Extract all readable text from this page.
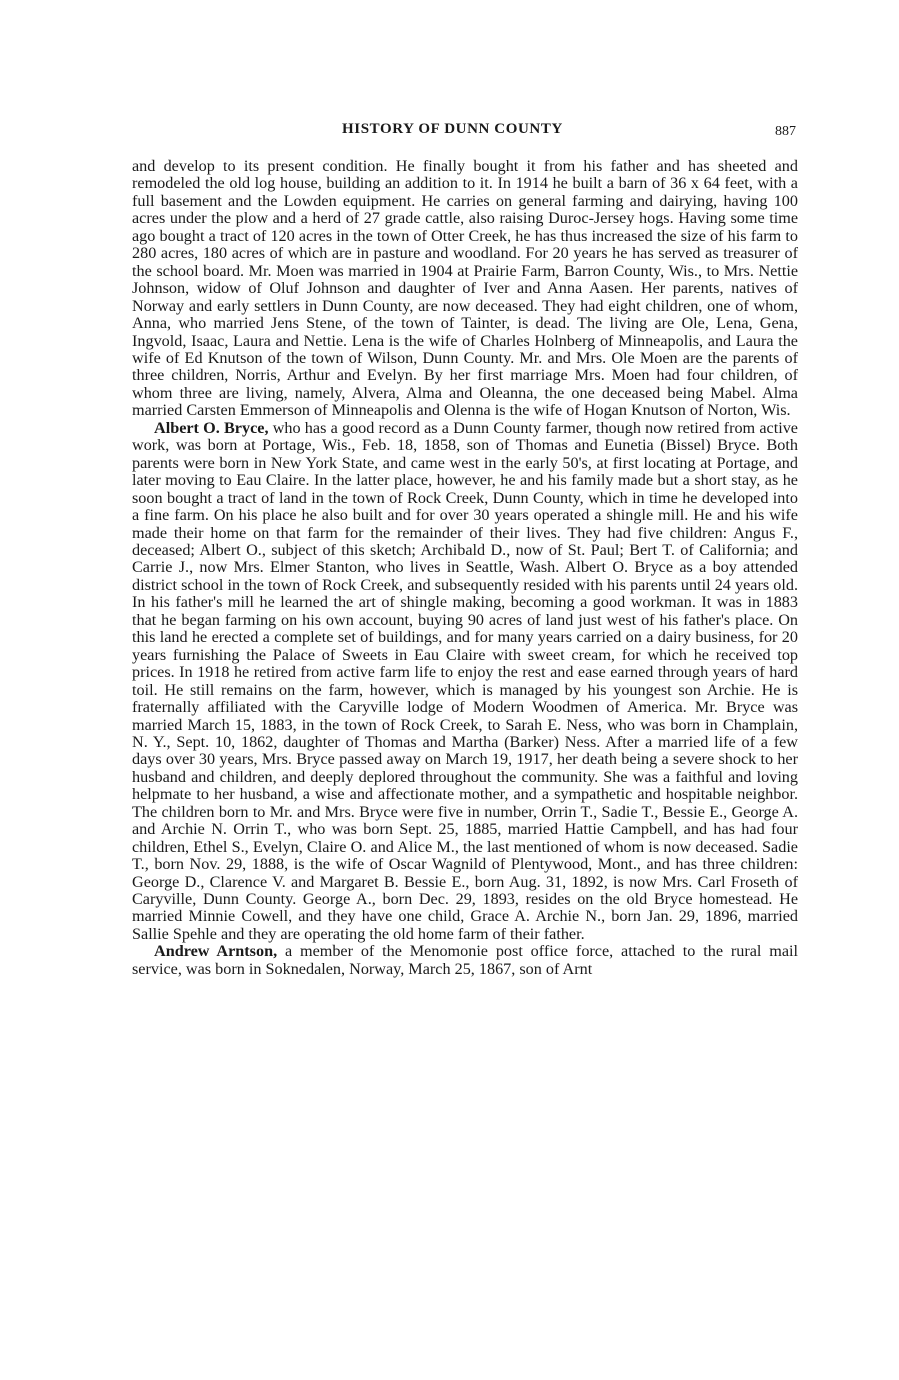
HISTORY OF DUNN COUNTY	887

and develop to its present condition. He finally bought it from his father and has sheeted and remodeled the old log house, building an addition to it. In 1914 he built a barn of 36 x 64 feet, with a full basement and the Lowden equipment. He carries on general farming and dairying, having 100 acres under the plow and a herd of 27 grade cattle, also raising Duroc-Jersey hogs. Having some time ago bought a tract of 120 acres in the town of Otter Creek, he has thus increased the size of his farm to 280 acres, 180 acres of which are in pasture and woodland. For 20 years he has served as treasurer of the school board. Mr. Moen was married in 1904 at Prairie Farm, Barron County, Wis., to Mrs. Nettie Johnson, widow of Oluf Johnson and daughter of Iver and Anna Aasen. Her parents, natives of Norway and early settlers in Dunn County, are now deceased. They had eight children, one of whom, Anna, who married Jens Stene, of the town of Tainter, is dead. The living are Ole, Lena, Gena, Ingvold, Isaac, Laura and Nettie. Lena is the wife of Charles Holnberg of Minneapolis, and Laura the wife of Ed Knutson of the town of Wilson, Dunn County. Mr. and Mrs. Ole Moen are the parents of three children, Norris, Arthur and Evelyn. By her first marriage Mrs. Moen had four children, of whom three are living, namely, Alvera, Alma and Oleanna, the one deceased being Mabel. Alma married Carsten Emmerson of Minneapolis and Olenna is the wife of Hogan Knutson of Norton, Wis.

Albert O. Bryce, who has a good record as a Dunn County farmer, though now retired from active work, was born at Portage, Wis., Feb. 18, 1858, son of Thomas and Eunetia (Bissel) Bryce. Both parents were born in New York State, and came west in the early 50's, at first locating at Portage, and later moving to Eau Claire. In the latter place, however, he and his family made but a short stay, as he soon bought a tract of land in the town of Rock Creek, Dunn County, which in time he developed into a fine farm. On his place he also built and for over 30 years operated a shingle mill. He and his wife made their home on that farm for the remainder of their lives. They had five children: Angus F., deceased; Albert O., subject of this sketch; Archibald D., now of St. Paul; Bert T. of California; and Carrie J., now Mrs. Elmer Stanton, who lives in Seattle, Wash. Albert O. Bryce as a boy attended district school in the town of Rock Creek, and subsequently resided with his parents until 24 years old. In his father's mill he learned the art of shingle making, becoming a good workman. It was in 1883 that he began farming on his own account, buying 90 acres of land just west of his father's place. On this land he erected a complete set of buildings, and for many years carried on a dairy business, for 20 years furnishing the Palace of Sweets in Eau Claire with sweet cream, for which he received top prices. In 1918 he retired from active farm life to enjoy the rest and ease earned through years of hard toil. He still remains on the farm, however, which is managed by his youngest son Archie. He is fraternally affiliated with the Caryville lodge of Modern Woodmen of America. Mr. Bryce was married March 15, 1883, in the town of Rock Creek, to Sarah E. Ness, who was born in Champlain, N. Y., Sept. 10, 1862, daughter of Thomas and Martha (Barker) Ness. After a married life of a few days over 30 years, Mrs. Bryce passed away on March 19, 1917, her death being a severe shock to her husband and children, and deeply deplored throughout the community. She was a faithful and loving helpmate to her husband, a wise and affectionate mother, and a sympathetic and hospitable neighbor. The children born to Mr. and Mrs. Bryce were five in number, Orrin T., Sadie T., Bessie E., George A. and Archie N. Orrin T., who was born Sept. 25, 1885, married Hattie Campbell, and has had four children, Ethel S., Evelyn, Claire O. and Alice M., the last mentioned of whom is now deceased. Sadie T., born Nov. 29, 1888, is the wife of Oscar Wagnild of Plentywood, Mont., and has three children: George D., Clarence V. and Margaret B. Bessie E., born Aug. 31, 1892, is now Mrs. Carl Froseth of Caryville, Dunn County. George A., born Dec. 29, 1893, resides on the old Bryce homestead. He married Minnie Cowell, and they have one child, Grace A. Archie N., born Jan. 29, 1896, married Sallie Spehle and they are operating the old home farm of their father.

Andrew Arntson, a member of the Menomonie post office force, attached to the rural mail service, was born in Soknedalen, Norway, March 25, 1867, son of Arnt
